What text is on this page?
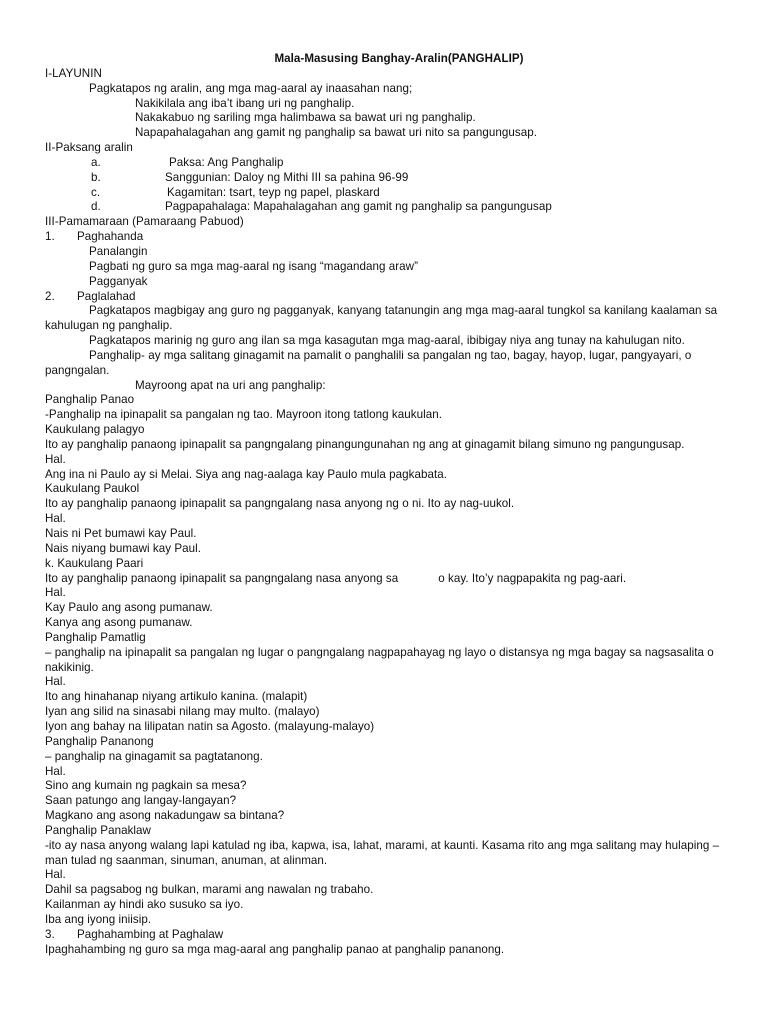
Mala-Masusing Banghay-Aralin(PANGHALIP)
I-LAYUNIN
Pagkatapos ng aralin, ang mga mag-aaral ay inaasahan nang;
Nakikilala ang iba’t ibang uri ng panghalip.
Nakakabuo ng sariling mga halimbawa sa bawat uri ng panghalip.
Napapahalagahan ang gamit ng panghalip sa bawat uri nito sa pangungusap.
II-Paksang aralin
a.	Paksa: Ang Panghalip
b.	Sanggunian: Daloy ng Mithi III sa pahina 96-99
c.	Kagamitan: tsart, teyp ng papel, plaskard
d.	Pagpapahalaga: Mapahalagahan ang gamit ng panghalip sa pangungusap
III-Pamamaraan (Pamaraang Pabuod)
1.	Paghahanda
Panalangin
Pagbati ng guro sa mga mag-aaral ng isang “magandang araw”
Pagganyak
2.	Paglalahad
Pagkatapos magbigay ang guro ng pagganyak, kanyang tatanungin ang mga mag-aaral tungkol sa kanilang kaalaman sa kahulugan ng panghalip.
Pagkatapos marinig ng guro ang ilan sa mga kasagutan mga mag-aaral, ibibigay niya ang tunay na kahulugan nito.
Panghalip- ay mga salitang ginagamit na pamalit o panghalili sa pangalan ng tao, bagay, hayop, lugar, pangyayari, o pangngalan.
Mayroong apat na uri ang panghalip:
Panghalip Panao
-Panghalip na ipinapalit sa pangalan ng tao. Mayroon itong tatlong kaukulan.
Kaukulang palagyo
Ito ay panghalip panaong ipinapalit sa pangngalang pinangungunahan ng ang at ginagamit bilang simuno ng pangungusap.
Hal.
Ang ina ni Paulo ay si Melai. Siya ang nag-aalaga kay Paulo mula pagkabata.
Kaukulang Paukol
Ito ay panghalip panaong ipinapalit sa pangngalang nasa anyong ng o ni. Ito ay nag-uukol.
Hal.
Nais ni Pet bumawi kay Paul.
Nais niyang bumawi kay Paul.
k. Kaukulang Paari
Ito ay panghalip panaong ipinapalit sa pangngalang nasa anyong sa	o kay. Ito’y nagpapakita ng pag-aari.
Hal.
Kay Paulo ang asong pumanaw.
Kanya ang asong pumanaw.
Panghalip Pamatlig
– panghalip na ipinapalit sa pangalan ng lugar o pangngalang nagpapahayag ng layo o distansya ng mga bagay sa nagsasalita o nakikinig.
Hal.
Ito ang hinahanap niyang artikulo kanina. (malapit)
Iyan ang silid na sinasabi nilang may multo. (malayo)
Iyon ang bahay na lilipatan natin sa Agosto. (malayung-malayo)
Panghalip Pananong
– panghalip na ginagamit sa pagtatanong.
Hal.
Sino ang kumain ng pagkain sa mesa?
Saan patungo ang langay-langayan?
Magkano ang asong nakadungaw sa bintana?
Panghalip Panaklaw
-ito ay nasa anyong walang lapi katulad ng iba, kapwa, isa, lahat, marami, at kaunti. Kasama rito ang mga salitang may hulaping –man tulad ng saanman, sinuman, anuman, at alinman.
Hal.
Dahil sa pagsabog ng bulkan, marami ang nawalan ng trabaho.
Kailanman ay hindi ako susuko sa iyo.
Iba ang iyong iniisip.
3.	Paghahambing at Paghalaw
Ipaghahambing ng guro sa mga mag-aaral ang panghalip panao at panghalip pananong.
